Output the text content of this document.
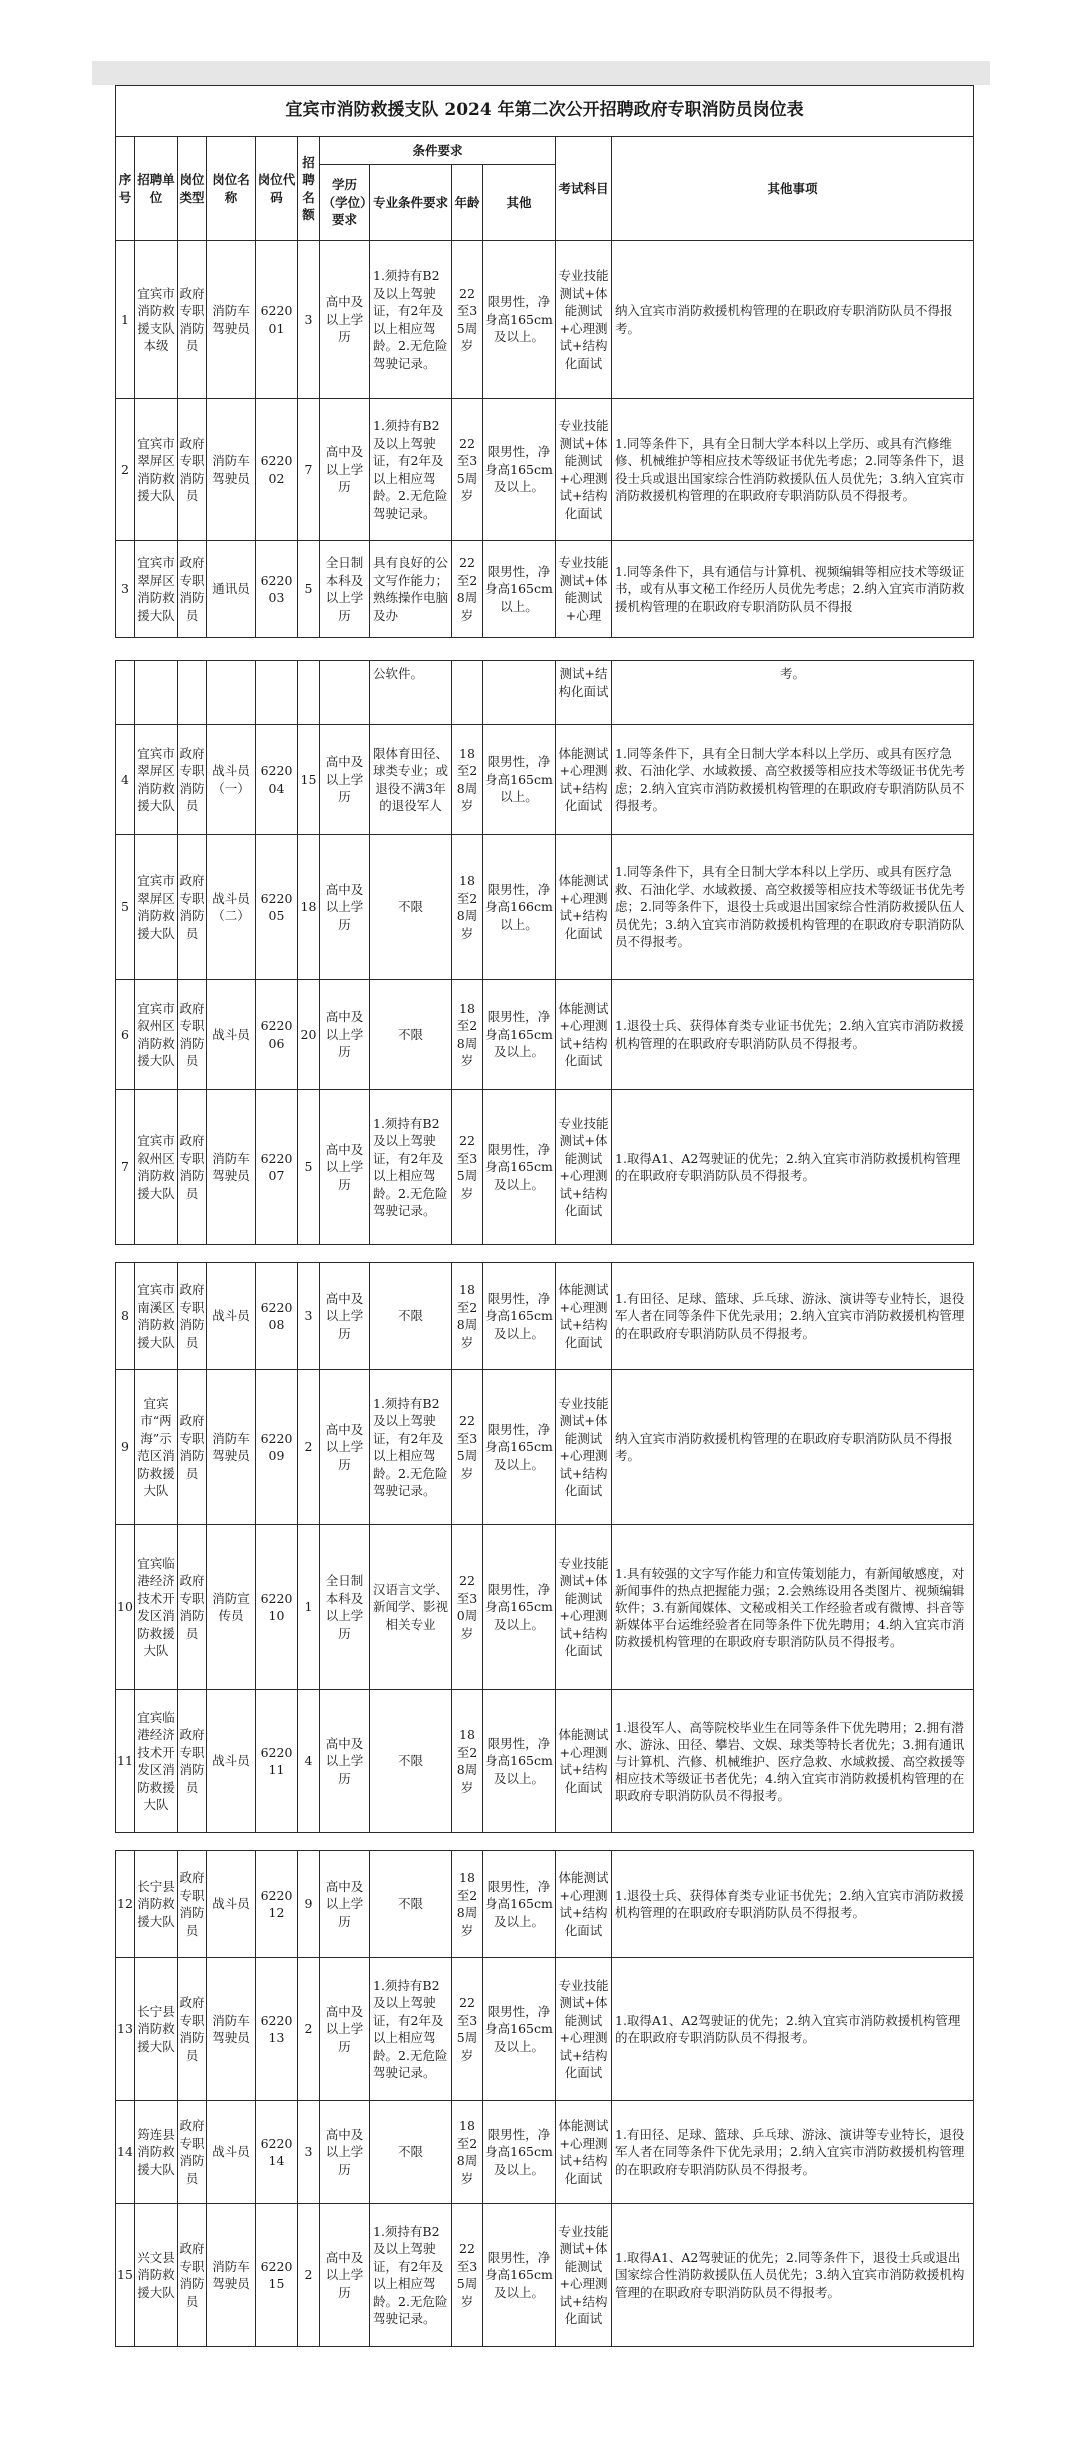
宜宾市消防救援支队 2024 年第二次公开招聘政府专职消防员岗位表											
序号	招聘单位	岗位类型	岗位名称	岗位代码	招聘名额	条件要求				考试科目	其他事项
						学历（学位）要求	专业条件要求	年龄	其他		
1	宜宾市消防救援支队本级	政府专职消防员	消防车驾驶员	622001	3	高中及以上学历	1.须持有B2及以上驾驶证，有2年及以上相应驾龄。2.无危险驾驶记录。	22至35周岁	限男性，净身高165cm及以上。	专业技能测试+体能测试+心理测试+结构化面试	纳入宜宾市消防救援机构管理的在职政府专职消防队员不得报考。
2	宜宾市翠屏区消防救援大队	政府专职消防员	消防车驾驶员	622002	7	高中及以上学历	1.须持有B2及以上驾驶证，有2年及以上相应驾龄。2.无危险驾驶记录。	22至35周岁	限男性，净身高165cm及以上。	专业技能测试+体能测试+心理测试+结构化面试	1.同等条件下，具有全日制大学本科以上学历、或具有汽修维修、机械维护等相应技术等级证书优先考虑；2.同等条件下，退役士兵或退出国家综合性消防救援队伍人员优先；3.纳入宜宾市消防救援机构管理的在职政府专职消防队员不得报考。
3	宜宾市翠屏区消防救援大队	政府专职消防员	通讯员	622003	5	全日制本科及以上学历	具有良好的公文写作能力；熟练操作电脑及办	22至28周岁	限男性，净身高165cm以上。	专业技能测试+体能测试+心理	1.同等条件下，具有通信与计算机、视频编辑等相应技术等级证书，或有从事文秘工作经历人员优先考虑；2.纳入宜宾市消防救援机构管理的在职政府专职消防队员不得报
							公软件。			测试+结构化面试	考。
4	宜宾市翠屏区消防救援大队	政府专职消防员	战斗员（一）	622004	15	高中及以上学历	限体育田径、球类专业；或退役不满3年的退役军人	18至28周岁	限男性，净身高165cm以上。	体能测试+心理测试+结构化面试	1.同等条件下，具有全日制大学本科以上学历、或具有医疗急救、石油化学、水域救援、高空救援等相应技术等级证书优先考虑；2.纳入宜宾市消防救援机构管理的在职政府专职消防队员不得报考。
5	宜宾市翠屏区消防救援大队	政府专职消防员	战斗员（二）	622005	18	高中及以上学历	不限	18至28周岁	限男性，净身高166cm以上。	体能测试+心理测试+结构化面试	1.同等条件下，具有全日制大学本科以上学历、或具有医疗急救、石油化学、水域救援、高空救援等相应技术等级证书优先考虑；2.同等条件下，退役士兵或退出国家综合性消防救援队伍人员优先；3.纳入宜宾市消防救援机构管理的在职政府专职消防队员不得报考。
6	宜宾市叙州区消防救援大队	政府专职消防员	战斗员	622006	20	高中及以上学历	不限	18至28周岁	限男性，净身高165cm及以上。	体能测试+心理测试+结构化面试	1.退役士兵、获得体育类专业证书优先；2.纳入宜宾市消防救援机构管理的在职政府专职消防队员不得报考。
7	宜宾市叙州区消防救援大队	政府专职消防员	消防车驾驶员	622007	5	高中及以上学历	1.须持有B2及以上驾驶证，有2年及以上相应驾龄。2.无危险驾驶记录。	22至35周岁	限男性，净身高165cm及以上。	专业技能测试+体能测试+心理测试+结构化面试	1.取得A1、A2驾驶证的优先；2.纳入宜宾市消防救援机构管理的在职政府专职消防队员不得报考。
8	宜宾市南溪区消防救援大队	政府专职消防员	战斗员	622008	3	高中及以上学历	不限	18至28周岁	限男性，净身高165cm及以上。	体能测试+心理测试+结构化面试	1.有田径、足球、篮球、乒乓球、游泳、演讲等专业特长，退役军人者在同等条件下优先录用；2.纳入宜宾市消防救援机构管理的在职政府专职消防队员不得报考。
9	宜宾市“两海”示范区消防救援大队	政府专职消防员	消防车驾驶员	622009	2	高中及以上学历	1.须持有B2及以上驾驶证，有2年及以上相应驾龄。2.无危险驾驶记录。	22至35周岁	限男性，净身高165cm及以上。	专业技能测试+体能测试+心理测试+结构化面试	纳入宜宾市消防救援机构管理的在职政府专职消防队员不得报考。
10	宜宾临港经济技术开发区消防救援大队	政府专职消防员	消防宣传员	622010	1	全日制本科及以上学历	汉语言文学、新闻学、影视相关专业	22至30周岁	限男性，净身高165cm及以上。	专业技能测试+体能测试+心理测试+结构化面试	1.具有较强的文字写作能力和宣传策划能力，有新闻敏感度，对新闻事件的热点把握能力强；2.会熟练设用各类图片、视频编辑软件；3.有新闻媒体、文秘或相关工作经验者或有微博、抖音等新媒体平台运维经验者在同等条件下优先聘用；4.纳入宜宾市消防救援机构管理的在职政府专职消防队员不得报考。
11	宜宾临港经济技术开发区消防救援大队	政府专职消防员	战斗员	622011	4	高中及以上学历	不限	18至28周岁	限男性，净身高165cm及以上。	体能测试+心理测试+结构化面试	1.退役军人、高等院校毕业生在同等条件下优先聘用；2.拥有潜水、游泳、田径、攀岩、文娱、球类等特长者优先；3.拥有通讯与计算机、汽修、机械维护、医疗急救、水域救援、高空救援等相应技术等级证书者优先；4.纳入宜宾市消防救援机构管理的在职政府专职消防队员不得报考。
12	长宁县消防救援大队	政府专职消防员	战斗员	622012	9	高中及以上学历	不限	18至28周岁	限男性，净身高165cm及以上。	体能测试+心理测试+结构化面试	1.退役士兵、获得体育类专业证书优先；2.纳入宜宾市消防救援机构管理的在职政府专职消防队员不得报考。
13	长宁县消防救援大队	政府专职消防员	消防车驾驶员	622013	2	高中及以上学历	1.须持有B2及以上驾驶证，有2年及以上相应驾龄。2.无危险驾驶记录。	22至35周岁	限男性，净身高165cm及以上。	专业技能测试+体能测试+心理测试+结构化面试	1.取得A1、A2驾驶证的优先；2.纳入宜宾市消防救援机构管理的在职政府专职消防队员不得报考。
14	筠连县消防救援大队	政府专职消防员	战斗员	622014	3	高中及以上学历	不限	18至28周岁	限男性，净身高165cm及以上。	体能测试+心理测试+结构化面试	1.有田径、足球、篮球、乒乓球、游泳、演讲等专业特长，退役军人者在同等条件下优先录用；2.纳入宜宾市消防救援机构管理的在职政府专职消防队员不得报考。
15	兴文县消防救援大队	政府专职消防员	消防车驾驶员	622015	2	高中及以上学历	1.须持有B2及以上驾驶证，有2年及以上相应驾龄。2.无危险驾驶记录。	22至35周岁	限男性，净身高165cm及以上。	专业技能测试+体能测试+心理测试+结构化面试	1.取得A1、A2驾驶证的优先；2.同等条件下，退役士兵或退出国家综合性消防救援队伍人员优先；3.纳入宜宾市消防救援机构管理的在职政府专职消防队员不得报考。
